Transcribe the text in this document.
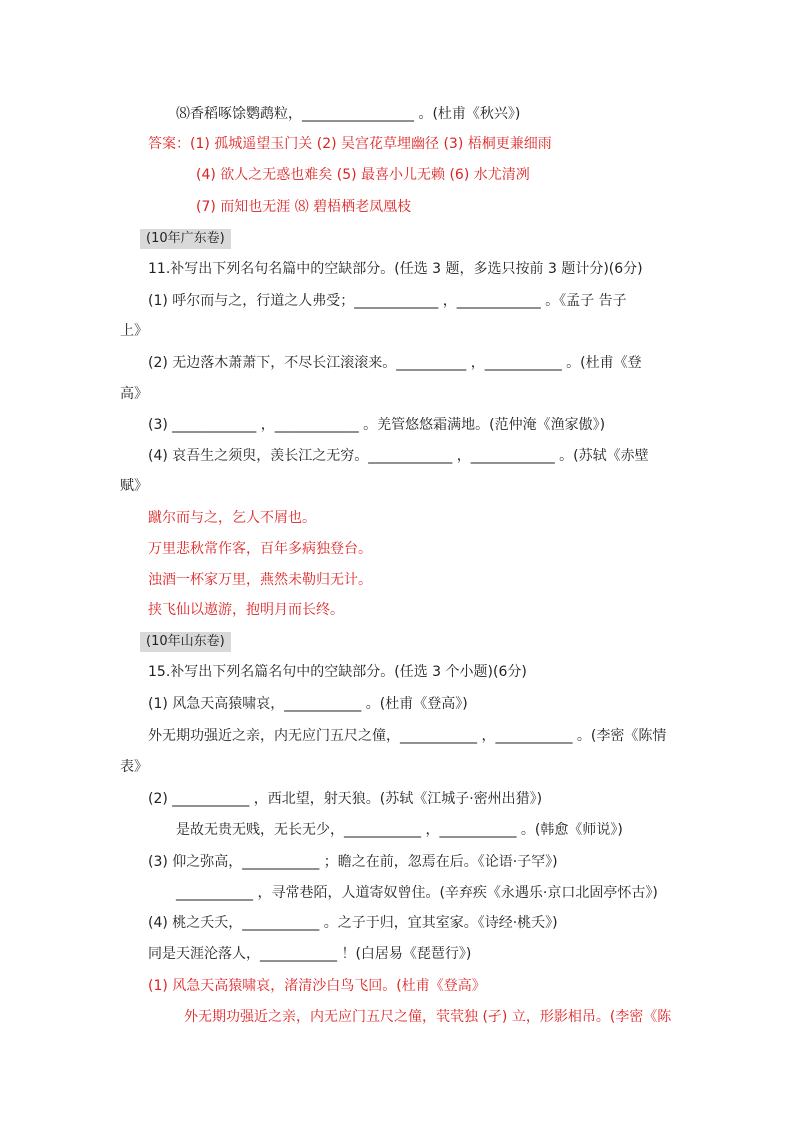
⑻香稻啄馀鹦鹉粒，________________ 。(杜甫《秋兴》)
答案：(1) 孤城遥望玉门关 (2) 吴宫花草埋幽径 (3) 梧桐更兼细雨
(4) 欲人之无惑也难矣 (5) 最喜小儿无赖 (6) 水尤清冽
(7) 而知也无涯 ⑻ 碧梧栖老凤凰枝
(10年广东卷)
11.补写出下列名句名篇中的空缺部分。(任选 3 题，多选只按前 3 题计分)(6分)
(1) 呼尔而与之，行道之人弗受；____________ ，____________ 。《孟子 告子
上》
(2) 无边落木萧萧下，不尽长江滚滚来。__________ ，___________ 。(杜甫《登
高》
(3) ____________ ，____________ 。羌管悠悠霜满地。(范仲淹《渔家傲》)
(4) 哀吾生之须臾，羡长江之无穷。____________ ，____________ 。(苏轼《赤壁
赋》
蹴尔而与之，乞人不屑也。
万里悲秋常作客，百年多病独登台。
浊酒一杯家万里，燕然未勒归无计。
挟飞仙以遨游，抱明月而长终。
(10年山东卷)
15.补写出下列名篇名句中的空缺部分。(任选 3 个小题)(6分)
(1) 风急天高猿啸哀，___________ 。(杜甫《登高》)
外无期功强近之亲，内无应门五尺之僮，___________ ，___________ 。(李密《陈情
表》
(2) ___________ ，西北望，射天狼。(苏轼《江城子·密州出猎》)
是故无贵无贱，无长无少，___________ ，___________ 。(韩愈《师说》)
(3) 仰之弥高，___________ ；瞻之在前，忽焉在后。《论语·子罕》)
___________ ，寻常巷陌，人道寄奴曾住。(辛弃疾《永遇乐·京口北固亭怀古》)
(4) 桃之夭夭，___________ 。之子于归，宜其室家。《诗经·桃夭》)
同是天涯沦落人，___________ ！(白居易《琵琶行》)
(1) 风急天高猿啸哀，渚清沙白鸟飞回。(杜甫《登高》
外无期功强近之亲，内无应门五尺之僮，茕茕独 (孑) 立，形影相吊。(李密《陈
